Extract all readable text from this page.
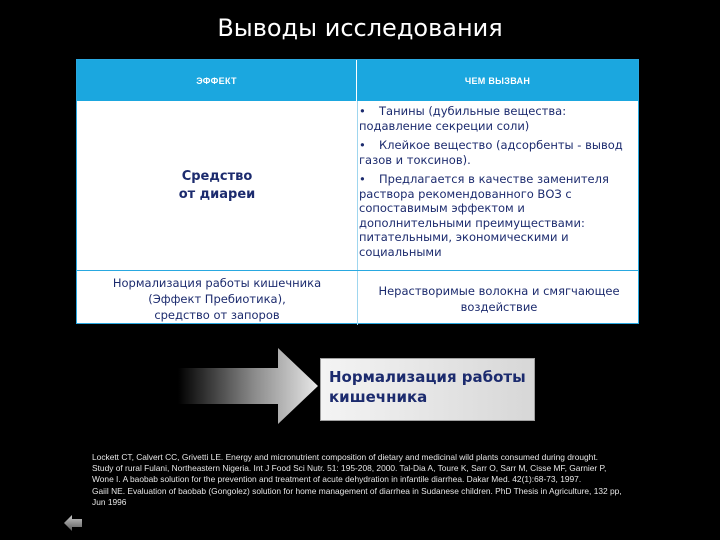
Выводы исследования
ЭФФЕКТ	ЧЕМ ВЫЗВАН
Средство
от диареи
• Танины (дубильные вещества: подавление секреции соли)
• Клейкое вещество (адсорбенты - вывод газов и токсинов).
• Предлагается в качестве заменителя раствора рекомендованного ВОЗ с сопоставимым эффектом и дополнительными преимуществами: питательными, экономическими и социальными
Нормализация работы кишечника
(Эффект Пребиотика),
средство от запоров
Нерастворимые волокна и смягчающее
воздействие
Нормализация работы
кишечника

Lockett CT, Calvert CC, Grivetti LE. Energy and micronutrient composition of dietary and medicinal wild plants consumed during drought.

Study of rural Fulani, Northeastern Nigeria. Int J Food Sci Nutr. 51: 195-208, 2000. Tal-Dia A, Toure K, Sarr O, Sarr M, Cisse MF, Garnier P, Wone I. A baobab solution for the prevention and treatment of acute dehydration in infantile diarrhea. Dakar Med. 42(1):68-73, 1997.

Gaiil NE. Evaluation of baobab (Gongolez) solution for home management of diarrhea in Sudanese children. PhD Thesis in Agriculture, 132 pp, Jun 1996
